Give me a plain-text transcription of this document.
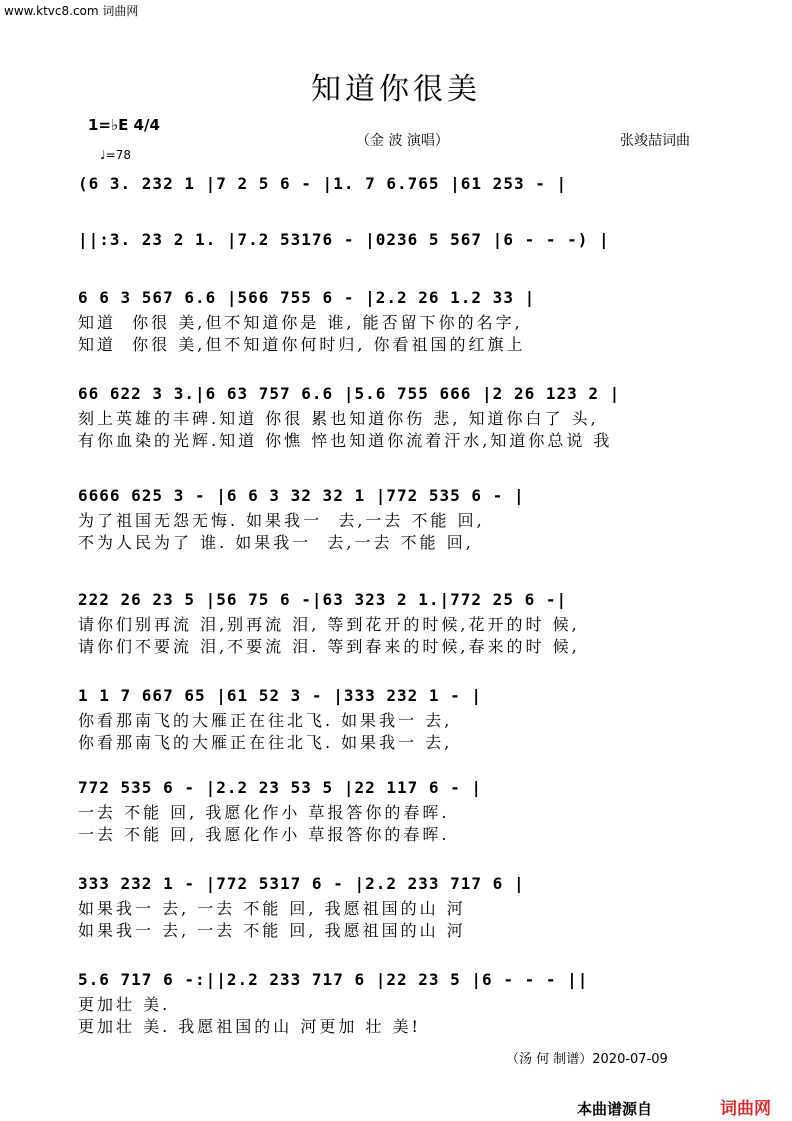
www.ktvc8.com 词曲网
知道你很美
1=♭E 4/4
♩=78
（金 波 演唱）	张竣喆词曲
(6 3. 232 1 |7 2 5 6 - |1. 7 6.765 |61 253 - |
||:3. 23 2 1. |7.2 53176 - |0236 5 567 |6 - - -) |
6 6 3 567 6.6 |566 755 6 - |2.2 26 1.2 33 |
知道  你很 美,但不知道你是 谁, 能否留下你的名字,
知道  你很 美,但不知道你何时归, 你看祖国的红旗上
66 622 3 3.|6 63 757 6.6 |5.6 755 666 |2 26 123 2 |
刻上英雄的丰碑.知道 你很 累也知道你伤 悲, 知道你白了 头,
有你血染的光辉.知道 你憔 悴也知道你流着汗水,知道你总说 我
6666 625 3 - |6 6 3 32 32 1 |772 535 6 - |
为了祖国无怨无悔. 如果我一  去,一去 不能 回,
不为人民为了 谁. 如果我一  去,一去 不能 回,
222 26 23 5 |56 75 6 -|63 323 2 1.|772 25 6 -|
请你们别再流 泪,别再流 泪, 等到花开的时候,花开的时 候,
请你们不要流 泪,不要流 泪. 等到春来的时候,春来的时 候,
1 1 7 667 65 |61 52 3 - |333 232 1 - |
你看那南飞的大雁正在往北飞. 如果我一 去,
你看那南飞的大雁正在往北飞. 如果我一 去,
772 535 6 - |2.2 23 53 5 |22 117 6 - |
一去 不能 回, 我愿化作小 草报答你的春晖.
一去 不能 回, 我愿化作小 草报答你的春晖.
333 232 1 - |772 5317 6 - |2.2 233 717 6 |
如果我一 去, 一去 不能 回, 我愿祖国的山 河
如果我一 去, 一去 不能 回, 我愿祖国的山 河
5.6 717 6 -:||2.2 233 717 6 |22 23 5 |6 - - - ||
更加壮 美.
更加壮 美. 我愿祖国的山 河更加 壮 美!
（汤 何 制谱）2020-07-09
本曲谱源自	词曲网
